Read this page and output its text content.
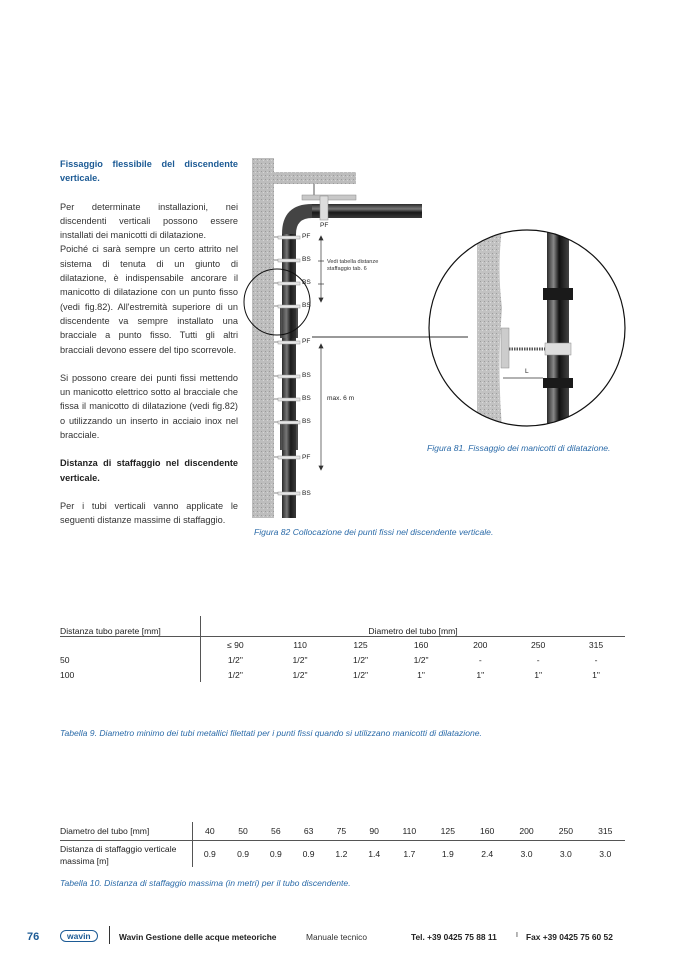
Fissaggio flessibile del discendente verticale.

Per determinate installazioni, nei discendenti verticali possono essere installati dei manicotti di dilatazione.

Poiché ci sarà sempre un certo attrito nel sistema di tenuta di un giunto di dilatazione, è indispensabile ancorare il manicotto di dilatazione con un punto fisso (vedi fig.82). All'estremità superiore di un discendente va sempre installato una bracciale a punto fisso. Tutti gli altri bracciali devono essere del tipo scorrevole.

Si possono creare dei punti fissi mettendo un manicotto elettrico sotto al bracciale che fissa il manicotto di dilatazione (vedi fig.82) o utilizzando un inserto in acciaio inox nel bracciale.

Distanza di staffaggio nel discendente verticale.

Per i tubi verticali vanno applicate le seguenti distanze massime di staffaggio.

PF
PF
BS
BS
BS
PF
BS
BS
BS
PF
BS
Vedi tabella distanze staffaggio tab. 6
max. 6 m
L
Figura 81. Fissaggio dei manicotti di dilatazione.
Figura 82 Collocazione dei punti fissi nel discendente verticale.
Distanza tubo parete [mm]	Diametro del tubo [mm]						
	≤ 90	110	125	160	200	250	315
50	1/2"	1/2"	1/2"	1/2"	-	-	-
100	1/2"	1/2"	1/2"	1"	1"	1"	1"
Tabella 9. Diametro minimo dei tubi metallici filettati per i punti fissi quando si utilizzano manicotti di dilatazione.
Diametro del tubo [mm]	40	50	56	63	75	90	110	125	160	200	250	315
Distanza di staffaggio verticale massima [m]	0.9	0.9	0.9	0.9	1.2	1.4	1.7	1.9	2.4	3.0	3.0	3.0
Tabella 10. Distanza di staffaggio massima (in metri) per il tubo discendente.
76	wavin	Wavin Gestione delle acque meteoriche	Manuale tecnico	Tel. +39 0425 75 88 11	I Fax +39 0425 75 60 52
